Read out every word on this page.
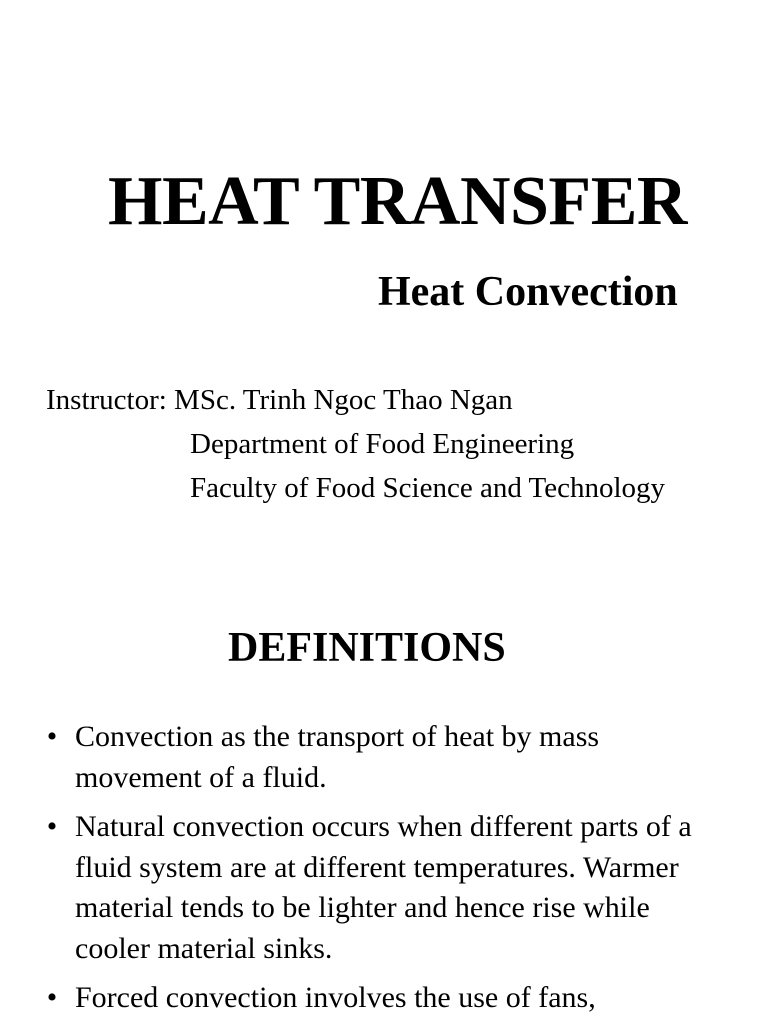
HEAT TRANSFER
Heat Convection

Instructor: MSc. Trinh Ngoc Thao Ngan

Department of Food Engineering

Faculty of Food Science and Technology

DEFINITIONS
• Convection as the transport of heat by mass movement of a fluid.
• Natural convection occurs when different parts of a fluid system are at different temperatures. Warmer material tends to be lighter and hence rise while cooler material sinks.
• Forced convection involves the use of fans,
